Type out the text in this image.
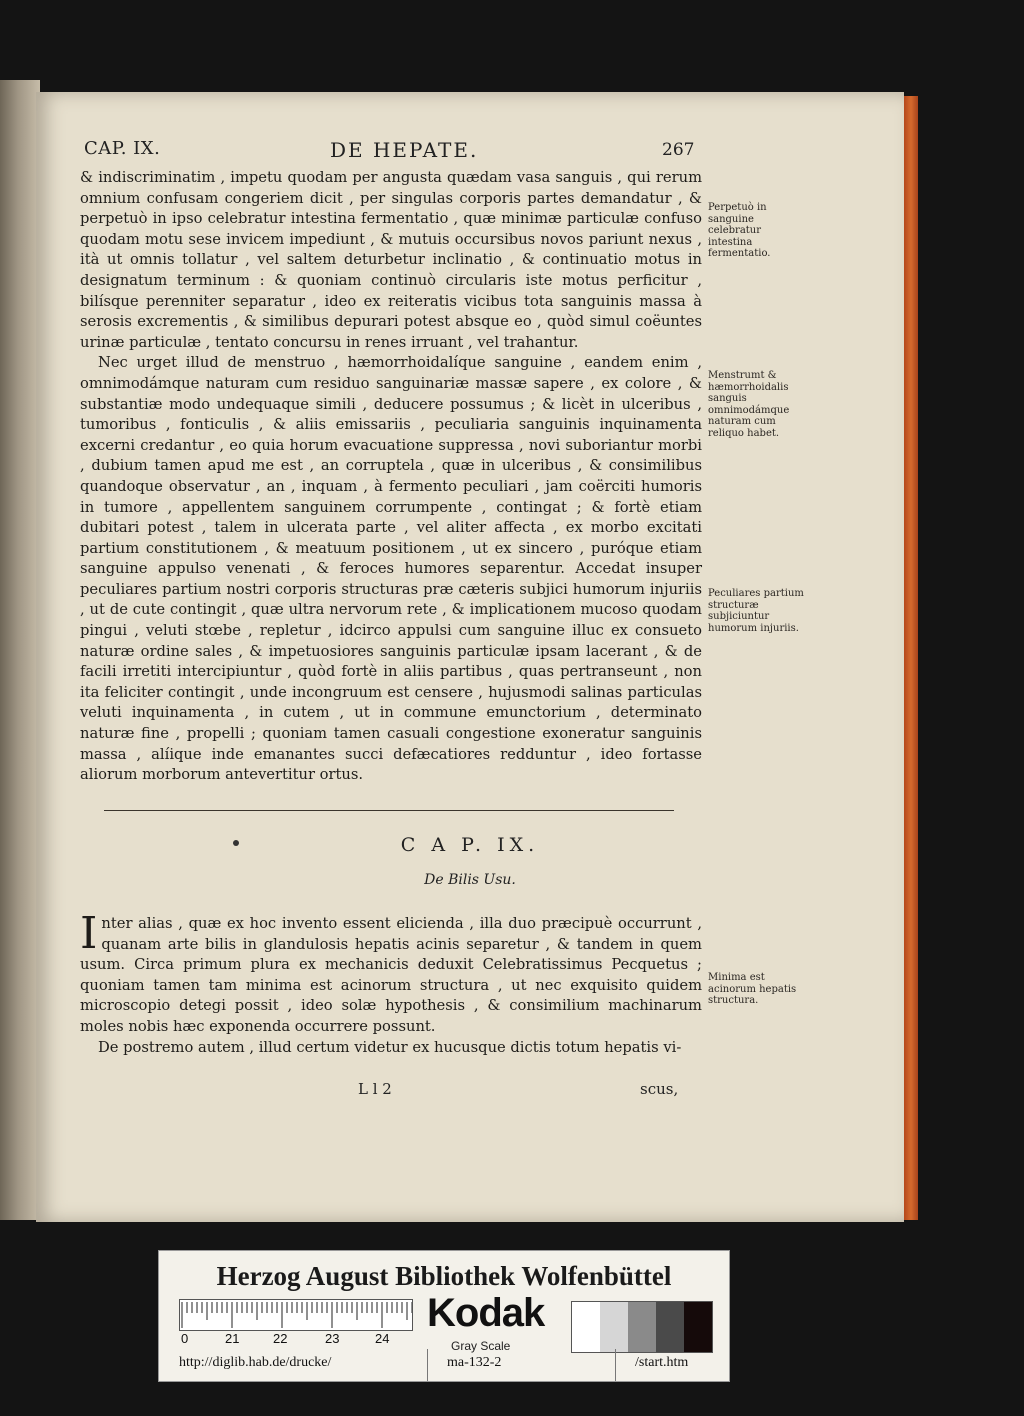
CAP. IX.	DE HEPATE.	267

& indiscriminatim , impetu quodam per angusta quædam vasa sanguis , qui rerum omnium confusam congeriem dicit , per singulas corporis partes demandatur , & perpetuò in ipso celebratur intestina fermentatio , quæ minimæ particulæ confuso quodam motu sese invicem impediunt , & mutuis occursibus novos pariunt nexus , ità ut omnis tollatur , vel saltem deturbetur inclinatio , & continuatio motus in designatum terminum : & quoniam continuò circularis iste motus perficitur , bilísque perenniter separatur , ideo ex reiteratis vicibus tota sanguinis massa à serosis excrementis , & similibus depurari potest absque eo , quòd simul coëuntes urinæ particulæ , tentato concursu in renes irruant , vel trahantur.

Nec urget illud de menstruo , hæmorrhoidalíque sanguine , eandem enim , omnimodámque naturam cum residuo sanguinariæ massæ sapere , ex colore , & substantiæ modo undequaque simili , deducere possumus ; & licèt in ulceribus , tumoribus , fonticulis , & aliis emissariis , peculiaria sanguinis inquinamenta excerni credantur , eo quia horum evacuatione suppressa , novi suboriantur morbi , dubium tamen apud me est , an corruptela , quæ in ulceribus , & consimilibus quandoque observatur , an , inquam , à fermento peculiari , jam coërciti humoris in tumore , appellentem sanguinem corrumpente , contingat ; & fortè etiam dubitari potest , talem in ulcerata parte , vel aliter affecta , ex morbo excitati partium constitutionem , & meatuum positionem , ut ex sincero , puróque etiam sanguine appulso venenati , & feroces humores separentur. Accedat insuper peculiares partium nostri corporis structuras præ cæteris subjici humorum injuriis , ut de cute contingit , quæ ultra nervorum rete , & implicationem mucoso quodam pingui , veluti stœbe , repletur , idcirco appulsi cum sanguine illuc ex consueto naturæ ordine sales , & impetuosiores sanguinis particulæ ipsam lacerant , & de facili irretiti intercipiuntur , quòd fortè in aliis partibus , quas pertranseunt , non ita feliciter contingit , unde incongruum est censere , hujusmodi salinas particulas veluti inquinamenta , in cutem , ut in commune emunctorium , determinato naturæ fine , propelli ; quoniam tamen casuali congestione exoneratur sanguinis massa , alíique inde emanantes succi defæcatiores redduntur , ideo fortasse aliorum morborum antevertitur ortus.

Perpetuò in sanguine celebratur intestina fermentatio.
Menstrumt & hæmorrhoidalis sanguis omnimodámque naturam cum reliquo habet.
Peculiares partium structuræ subjiciuntur humorum injuriis.
Minima est acinorum hepatis structura.
C A P. IX.
De Bilis Usu.

Inter alias , quæ ex hoc invento essent elicienda , illa duo præcipuè occurrunt , quanam arte bilis in glandulosis hepatis acinis separetur , & tandem in quem usum. Circa primum plura ex mechanicis deduxit Celebratissimus Pecquetus ; quoniam tamen tam minima est acinorum structura , ut nec exquisito quidem microscopio detegi possit , ideo solæ hypothesis , & consimilium machinarum moles nobis hæc exponenda occurrere possunt.

De postremo autem , illud certum videtur ex hucusque dictis totum hepatis vi-

L l 2	scus,
Herzog August Bibliothek Wolfenbüttel
0	21	22	23	24
Kodak
Gray Scale
http://diglib.hab.de/drucke/	ma-132-2	/start.htm
